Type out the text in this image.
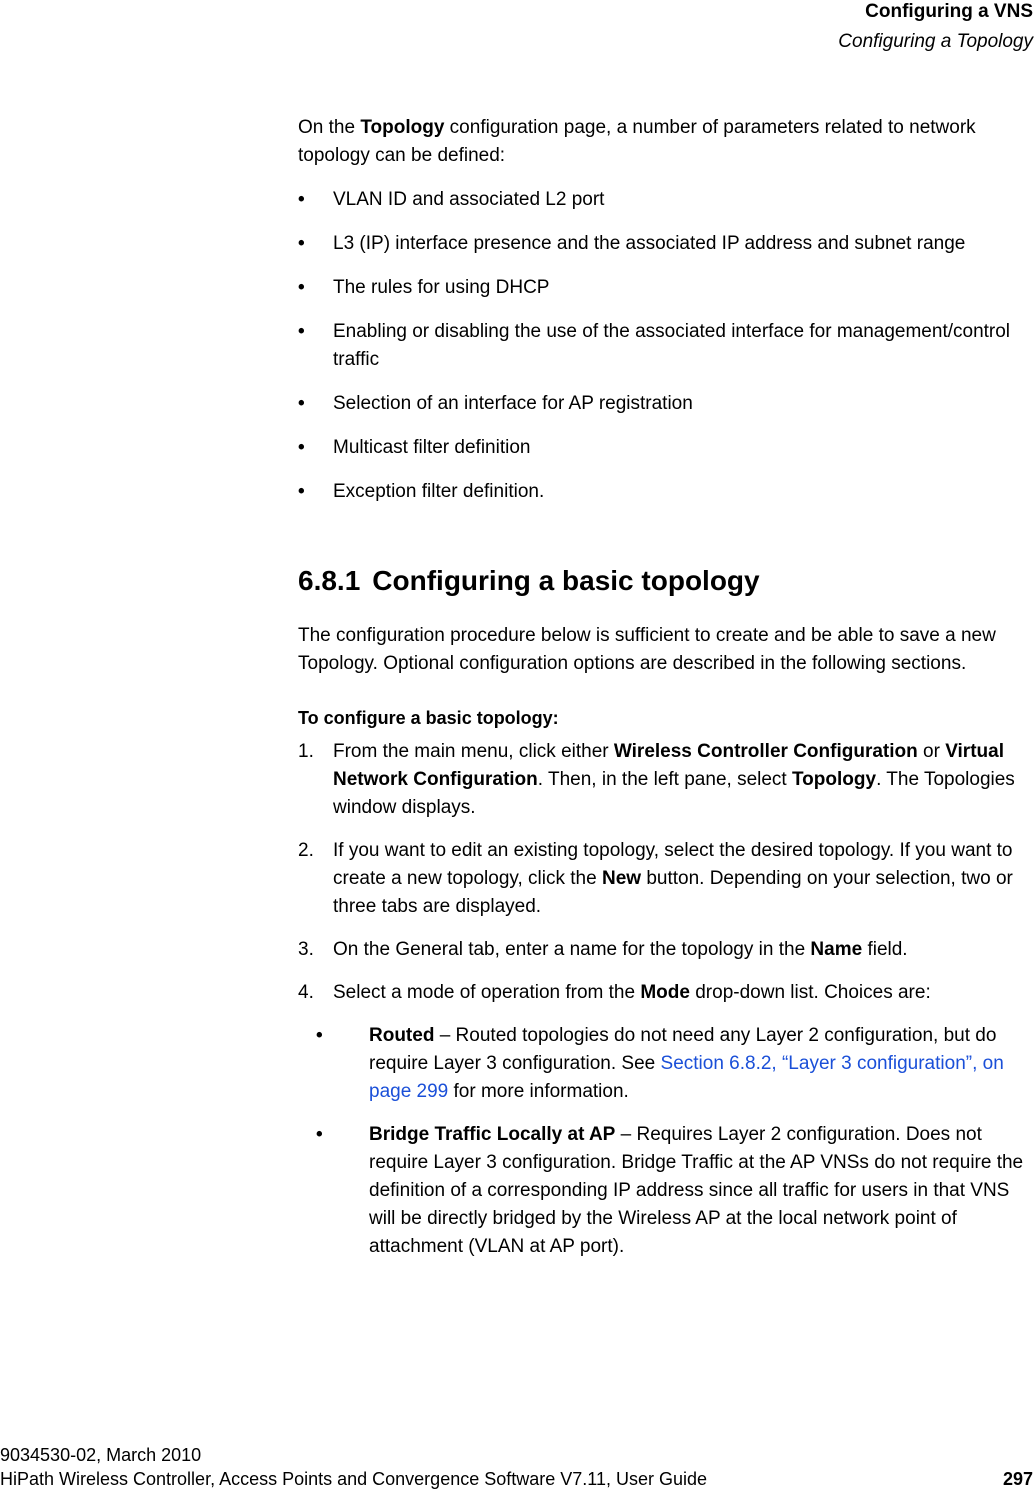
Configuring a VNS
Configuring a Topology

On the Topology configuration page, a number of parameters related to network topology can be defined:

• VLAN ID and associated L2 port
• L3 (IP) interface presence and the associated IP address and subnet range
• The rules for using DHCP
• Enabling or disabling the use of the associated interface for management/control traffic
• Selection of an interface for AP registration
• Multicast filter definition
• Exception filter definition.
6.8.1 Configuring a basic topology

The configuration procedure below is sufficient to create and be able to save a new Topology. Optional configuration options are described in the following sections.

To configure a basic topology:

1. From the main menu, click either Wireless Controller Configuration or Virtual Network Configuration. Then, in the left pane, select Topology. The Topologies window displays.
2. If you want to edit an existing topology, select the desired topology. If you want to create a new topology, click the New button. Depending on your selection, two or three tabs are displayed.
3. On the General tab, enter a name for the topology in the Name field.
4. Select a mode of operation from the Mode drop-down list. Choices are:
• Routed – Routed topologies do not need any Layer 2 configuration, but do require Layer 3 configuration. See Section 6.8.2, “Layer 3 configuration”, on page 299 for more information.
• Bridge Traffic Locally at AP – Requires Layer 2 configuration. Does not require Layer 3 configuration. Bridge Traffic at the AP VNSs do not require the definition of a corresponding IP address since all traffic for users in that VNS will be directly bridged by the Wireless AP at the local network point of attachment (VLAN at AP port).
9034530-02, March 2010
HiPath Wireless Controller, Access Points and Convergence Software V7.11, User Guide	297
